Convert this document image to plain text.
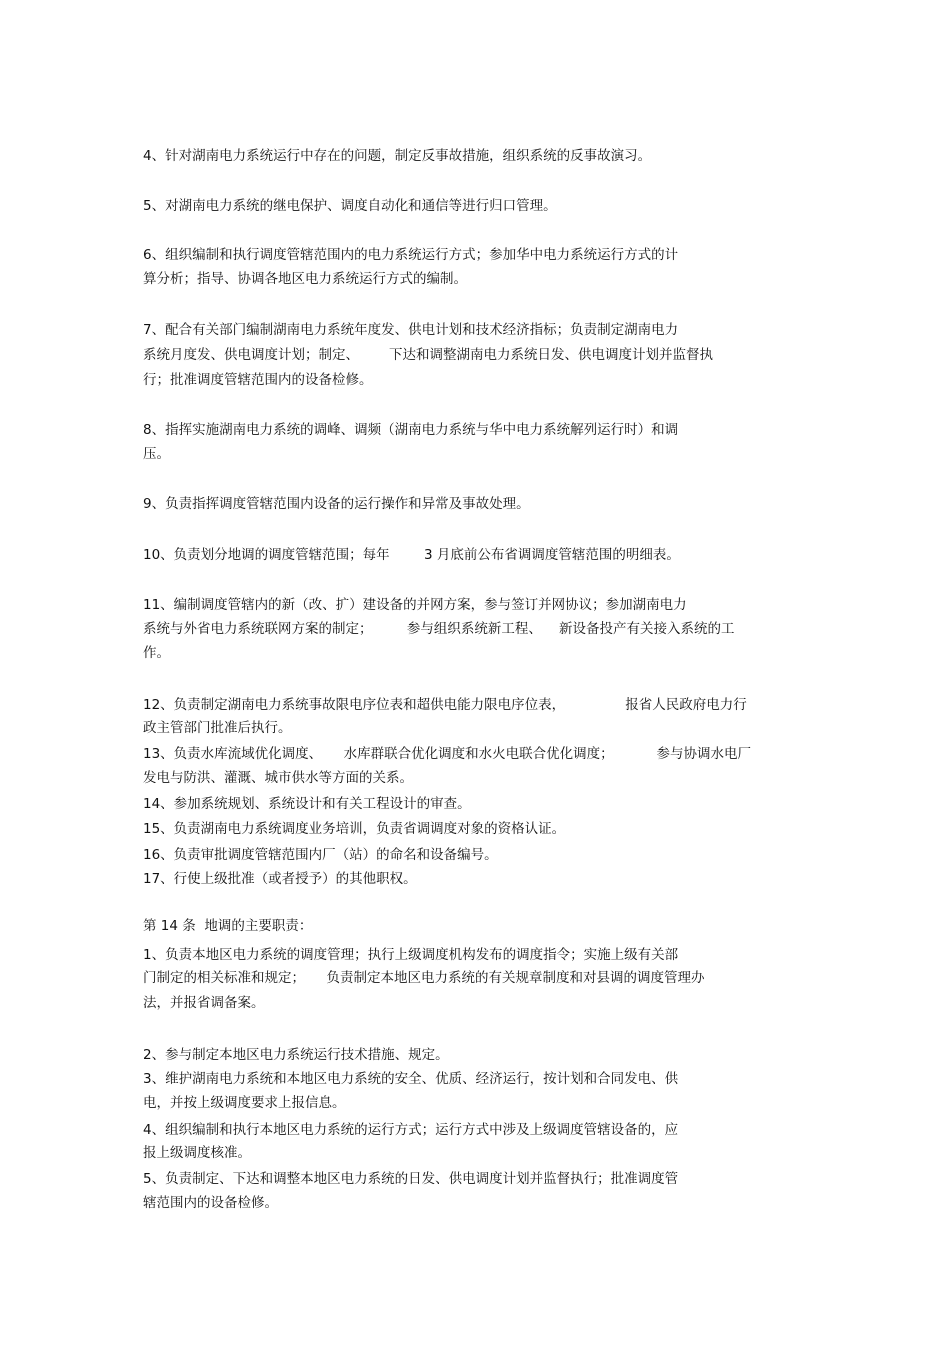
4、针对湖南电力系统运行中存在的问题，制定反事故措施，组织系统的反事故演习。
5、对湖南电力系统的继电保护、调度自动化和通信等进行归口管理。
6、组织编制和执行调度管辖范围内的电力系统运行方式；参加华中电力系统运行方式的计
算分析；指导、协调各地区电力系统运行方式的编制。
7、配合有关部门编制湖南电力系统年度发、供电计划和技术经济指标；负责制定湖南电力
系统月度发、供电调度计划；制定、       下达和调整湖南电力系统日发、供电调度计划并监督执
行；批准调度管辖范围内的设备检修。
8、指挥实施湖南电力系统的调峰、调频（湖南电力系统与华中电力系统解列运行时）和调
压。
9、负责指挥调度管辖范围内设备的运行操作和异常及事故处理。
10、负责划分地调的调度管辖范围；每年        3 月底前公布省调调度管辖范围的明细表。
11、编制调度管辖内的新（改、扩）建设备的并网方案，参与签订并网协议；参加湖南电力
系统与外省电力系统联网方案的制定；        参与组织系统新工程、    新设备投产有关接入系统的工
作。
12、负责制定湖南电力系统事故限电序位表和超供电能力限电序位表，              报省人民政府电力行
政主管部门批准后执行。
13、负责水库流域优化调度、     水库群联合优化调度和水火电联合优化调度；          参与协调水电厂
发电与防洪、灌溉、城市供水等方面的关系。
14、参加系统规划、系统设计和有关工程设计的审查。
15、负责湖南电力系统调度业务培训，负责省调调度对象的资格认证。
16、负责审批调度管辖范围内厂（站）的命名和设备编号。
17、行使上级批准（或者授予）的其他职权。
第 14 条  地调的主要职责：
1、负责本地区电力系统的调度管理；执行上级调度机构发布的调度指令；实施上级有关部
门制定的相关标准和规定；     负责制定本地区电力系统的有关规章制度和对县调的调度管理办
法，并报省调备案。
2、参与制定本地区电力系统运行技术措施、规定。
3、维护湖南电力系统和本地区电力系统的安全、优质、经济运行，按计划和合同发电、供
电，并按上级调度要求上报信息。
4、组织编制和执行本地区电力系统的运行方式；运行方式中涉及上级调度管辖设备的，应
报上级调度核准。
5、负责制定、下达和调整本地区电力系统的日发、供电调度计划并监督执行；批准调度管
辖范围内的设备检修。
